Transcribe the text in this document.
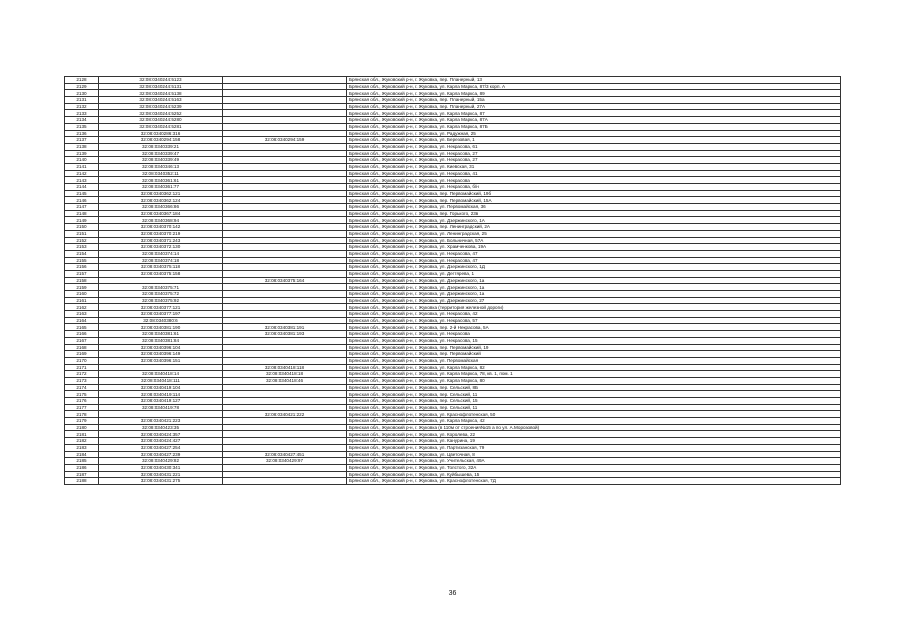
2128	32:08:0340244:5123		Брянская обл., Жуковский р-н, г. Жуковка, пер. Планерный, 13
2129	32:08:0340244:5131		Брянская обл., Жуковский р-н, г. Жуковка, ул. Карла Маркса, 87/3 корп. А
2130	32:08:0340244:5138		Брянская обл., Жуковский р-н, г. Жуковка, ул. Карла Маркса, 89
2131	32:08:0340244:5163		Брянская обл., Жуковский р-н, г. Жуковка, пер. Планерный, 15а
2132	32:08:0340244:5239		Брянская обл., Жуковский р-н, г. Жуковка, пер. Планерный, 27А
2133	32:08:0340244:5252		Брянская обл., Жуковский р-н, г. Жуковка, ул. Карла Маркса, 87
2134	32:08:0340244:5280		Брянская обл., Жуковский р-н, г. Жуковка, ул. Карла Маркса, 87А
2135	32:08:0340244:5281		Брянская обл., Жуковский р-н, г. Жуковка, ул. Карла Маркса, 87Б
2136	32:08:0340286:316		Брянская обл., Жуковский р-н, г. Жуковка, ул. Радужная, 25
2137	32:08:0340294:158	32:08:0340294:159	Брянская обл., Жуковский р-н, г. Жуковка, ул. Березовая, 1
2138	32:08:0340339:21		Брянская обл., Жуковский р-н, г. Жуковка, ул. Некрасова, 61
2139	32:08:0340339:47		Брянская обл., Жуковский р-н, г. Жуковка, ул. Некрасова, 27
2140	32:08:0340339:49		Брянская обл., Жуковский р-н, г. Жуковка, ул. Некрасова, 27
2141	32:08:0340346:13		Брянская обл., Жуковский р-н, г. Жуковка, ул. Киевская, 31
2142	32:08:0340352:11		Брянская обл., Жуковский р-н, г. Жуковка, ул. Некрасова, 41
2143	32:08:0340361:61		Брянская обл., Жуковский р-н, г. Жуковка, ул. Некрасова
2144	32:08:0340361:77		Брянская обл., Жуковский р-н, г. Жуковка, ул. Некрасова, б/н
2145	32:08:0340362:121		Брянская обл., Жуковский р-н, г. Жуковка, пер. Первомайский, 19б
2146	32:08:0340362:124		Брянская обл., Жуковский р-н, г. Жуковка, пер. Первомайский, 15А
2147	32:08:0340366:86		Брянская обл., Жуковский р-н, г. Жуковка, ул. Первомайская, 36
2148	32:08:0340367:184		Брянская обл., Жуковский р-н, г. Жуковка, пер. Горького, 23в
2149	32:08:0340368:94		Брянская обл., Жуковский р-н, г. Жуковка, ул. Дзержинского, 1А
2150	32:08:0340370:142		Брянская обл., Жуковский р-н, г. Жуковка, пер. Ленинградский, 2А
2151	32:08:0340370:219		Брянская обл., Жуковский р-н, г. Жуковка, ул. Ленинградская, 25
2152	32:08:0340371:243		Брянская обл., Жуковский р-н, г. Жуковка, ул. Больничная, 57А
2153	32:08:0340372:130		Брянская обл., Жуковский р-н, г. Жуковка, ул. Храмченкова, 19А
2154	32:08:0340374:14		Брянская обл., Жуковский р-н, г. Жуковка, ул. Некрасова, 47
2155	32:08:0340374:18		Брянская обл., Жуковский р-н, г. Жуковка, ул. Некрасова, 47
2156	32:08:0340375:118		Брянская обл., Жуковский р-н, г. Жуковка, ул. Дзержинского, 1Д
2157	32:08:0340375:158		Брянская обл., Жуковский р-н, г. Жуковка, ул. Дегтярева, 1
2158		32:08:0340375:164	Брянская обл., Жуковский р-н, г. Жуковка, ул. Дзержинского, 1а
2159	32:08:0340375:71		Брянская обл., Жуковский р-н, г. Жуковка, ул. Дзержинского, 1а
2160	32:08:0340375:72		Брянская обл., Жуковский р-н, г. Жуковка, ул. Дзержинского, 1а
2161	32:08:0340375:92		Брянская обл., Жуковский р-н, г. Жуковка, ул. Дзержинского, 27
2162	32:08:0340377:121		Брянская обл., Жуковский р-н, г. Жуковка (территория железной дороги)
2163	32:08:0340377:197		Брянская обл., Жуковский р-н, г. Жуковка, ул. Некрасова, 42
2164	32:08:0340380:6		Брянская обл., Жуковский р-н, г. Жуковка, ул. Некрасова, 57
2165	32:08:0340381:190	32:08:0340381:191	Брянская обл., Жуковский р-н, г. Жуковка, пер. 2-й Некрасова, 5А
2166	32:08:0340381:61	32:08:0340381:193	Брянская обл., Жуковский р-н, г. Жуковка, ул. Некрасова
2167	32:08:0340381:84		Брянская обл., Жуковский р-н, г. Жуковка, ул. Некрасова, 15
2168	32:08:0340396:104		Брянская обл., Жуковский р-н, г. Жуковка, пер. Первомайский, 19
2169	32:08:0340396:149		Брянская обл., Жуковский р-н, г. Жуковка, пер. Первомайский
2170	32:08:0340396:151		Брянская обл., Жуковский р-н, г. Жуковка, ул. Первомайская
2171		32:08:0340418:118	Брянская обл., Жуковский р-н, г. Жуковка, ул. Карла Маркса, 82
2172	32:08:0340418:14	32:08:0340418:18	Брянская обл., Жуковский р-н, г. Жуковка, ул. Карла Маркса, 78, кв. 1, пом. 1
2173	32:08:0340418:111	32:08:0340418:46	Брянская обл., Жуковский р-н, г. Жуковка, ул. Карла Маркса, 80
2174	32:08:0340419:104		Брянская обл., Жуковский р-н, г. Жуковка, пер. Сельский, 8Б
2175	32:08:0340419:114		Брянская обл., Жуковский р-н, г. Жуковка, пер. Сельский, 11
2176	32:08:0340419:127		Брянская обл., Жуковский р-н, г. Жуковка, пер. Сельский, 15
2177	32:08:0340419:78		Брянская обл., Жуковский р-н, г. Жуковка, пер. Сельский, 11
2178		32:08:0340421:222	Брянская обл., Жуковский р-н, г. Жуковка, ул. Краснофлотенская, 50
2179	32:08:0340421:223		Брянская обл., Жуковский р-н, г. Жуковка, ул. Карла Маркса, 42
2180	32:08:0340423:35		Брянская обл., Жуковский р-н, г. Жуковка (в 110м от строения№15 а по ул. А.Морозовой)
2181	32:08:0340424:357		Брянская обл., Жуковский р-н, г. Жуковка, ул. Королева, 22
2182	32:08:0340424:427		Брянская обл., Жуковский р-н, г. Жуковка, ул. Канурина, 19
2183	32:08:0340427:254		Брянская обл., Жуковский р-н, г. Жуковка, ул. Партизанская, 79
2184	32:08:0340427:239	32:08:0340427:451	Брянская обл., Жуковский р-н, г. Жуковка, ул. Цветочная, 8
2185	32:08:0340429:82	32:08:0340429:97	Брянская обл., Жуковский р-н, г. Жуковка, ул. Учительская, 49А
2186	32:08:0340430:341		Брянская обл., Жуковский р-н, г. Жуковка, ул. Толстого, 32А
2187	32:08:0340431:221		Брянская обл., Жуковский р-н, г. Жуковка, ул. Куйбышева, 15
2188	32:08:0340431:275		Брянская обл., Жуковский р-н, г. Жуковка, ул. Краснофлотенская, 7Д
36
